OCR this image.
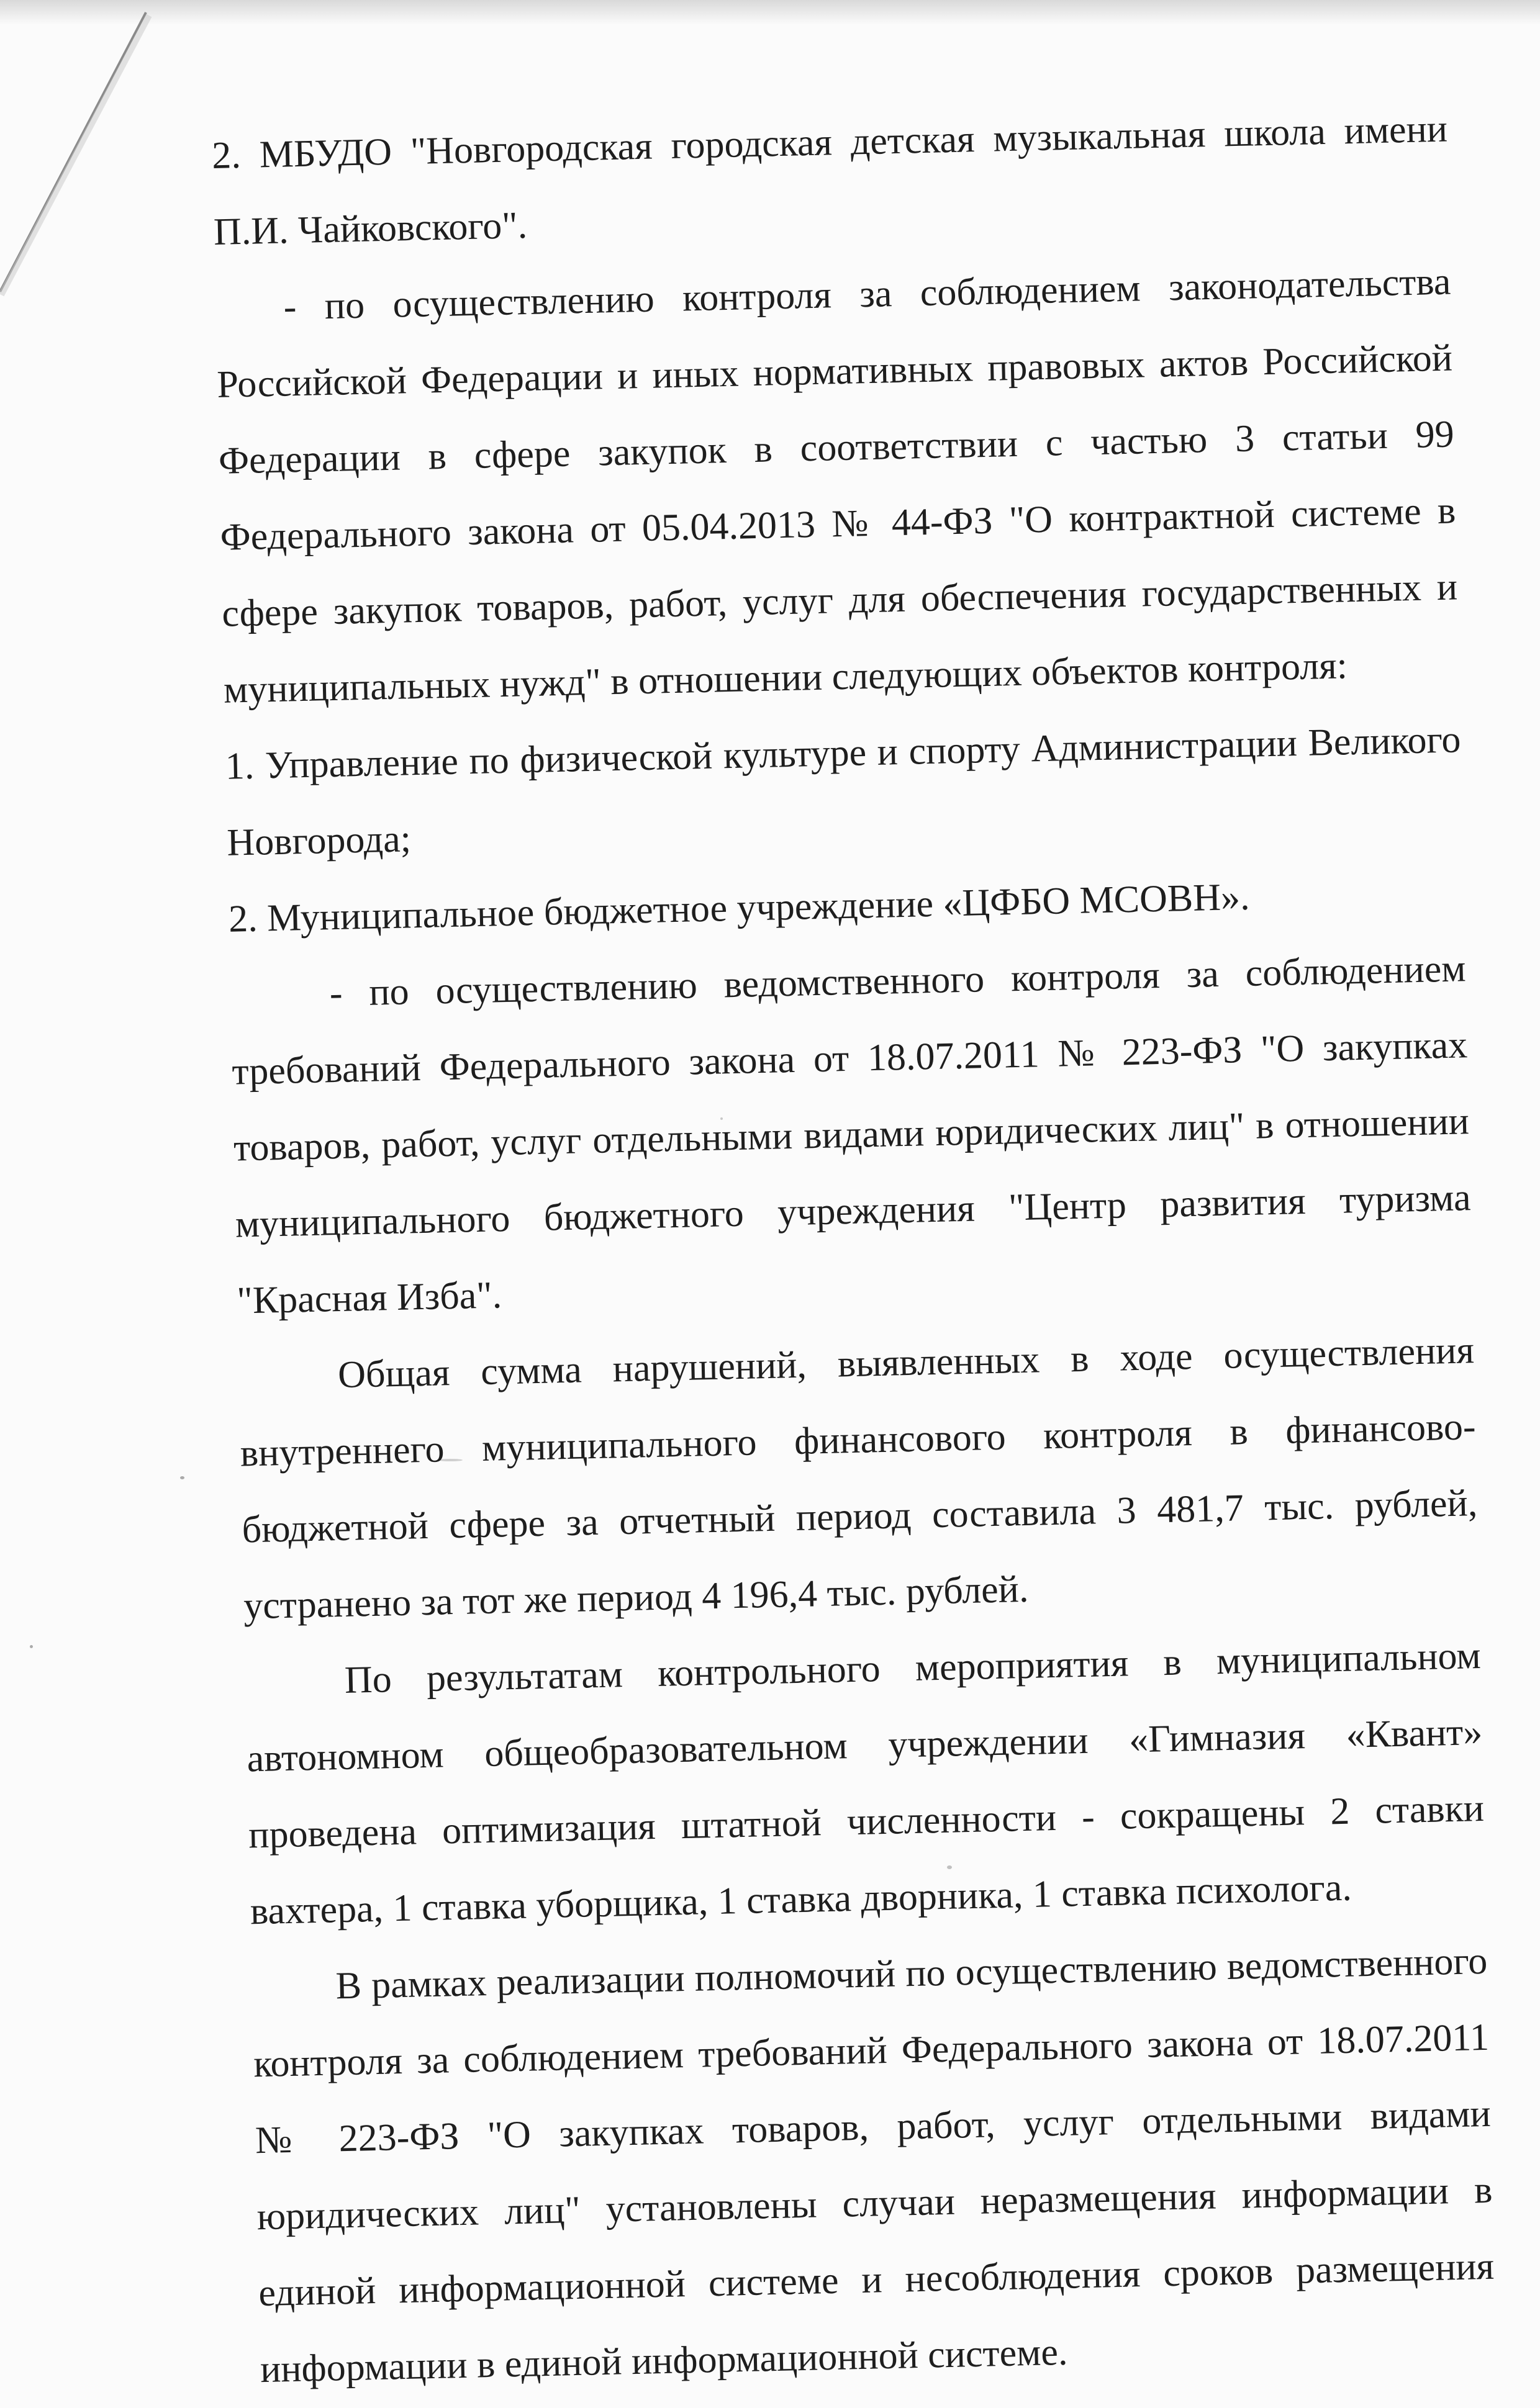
2. МБУДО "Новгородская городская детская музыкальная школа имени П.И. Чайковского".

- по осуществлению контроля за соблюдением законодательства Российской Федерации и иных нормативных правовых актов Российской Федерации в сфере закупок в соответствии с частью 3 статьи 99 Федерального закона от 05.04.2013 № 44-ФЗ "О контрактной системе в сфере закупок товаров, работ, услуг для обеспечения государственных и муниципальных нужд" в отношении следующих объектов контроля:

1. Управление по физической культуре и спорту Администрации Великого Новгорода;

2. Муниципальное бюджетное учреждение «ЦФБО МСОВН».

- по осуществлению ведомственного контроля за соблюдением требований Федерального закона от 18.07.2011 № 223-ФЗ "О закупках товаров, работ, услуг отдельными видами юридических лиц" в отношении муниципального бюджетного учреждения "Центр развития туризма "Красная Изба".

Общая сумма нарушений, выявленных в ходе осуществления внутреннего муниципального финансового контроля в финансово-бюджетной сфере за отчетный период составила 3 481,7 тыс. рублей, устранено за тот же период 4 196,4 тыс. рублей.

По результатам контрольного мероприятия в муниципальном автономном общеобразовательном учреждении «Гимназия «Квант» проведена оптимизация штатной численности - сокращены 2 ставки вахтера, 1 ставка уборщика, 1 ставка дворника, 1 ставка психолога.

В рамках реализации полномочий по осуществлению ведомственного контроля за соблюдением требований Федерального закона от 18.07.2011 № 223-ФЗ "О закупках товаров, работ, услуг отдельными видами юридических лиц" установлены случаи неразмещения информации в единой информационной системе и несоблюдения сроков размещения информации в единой информационной системе.
